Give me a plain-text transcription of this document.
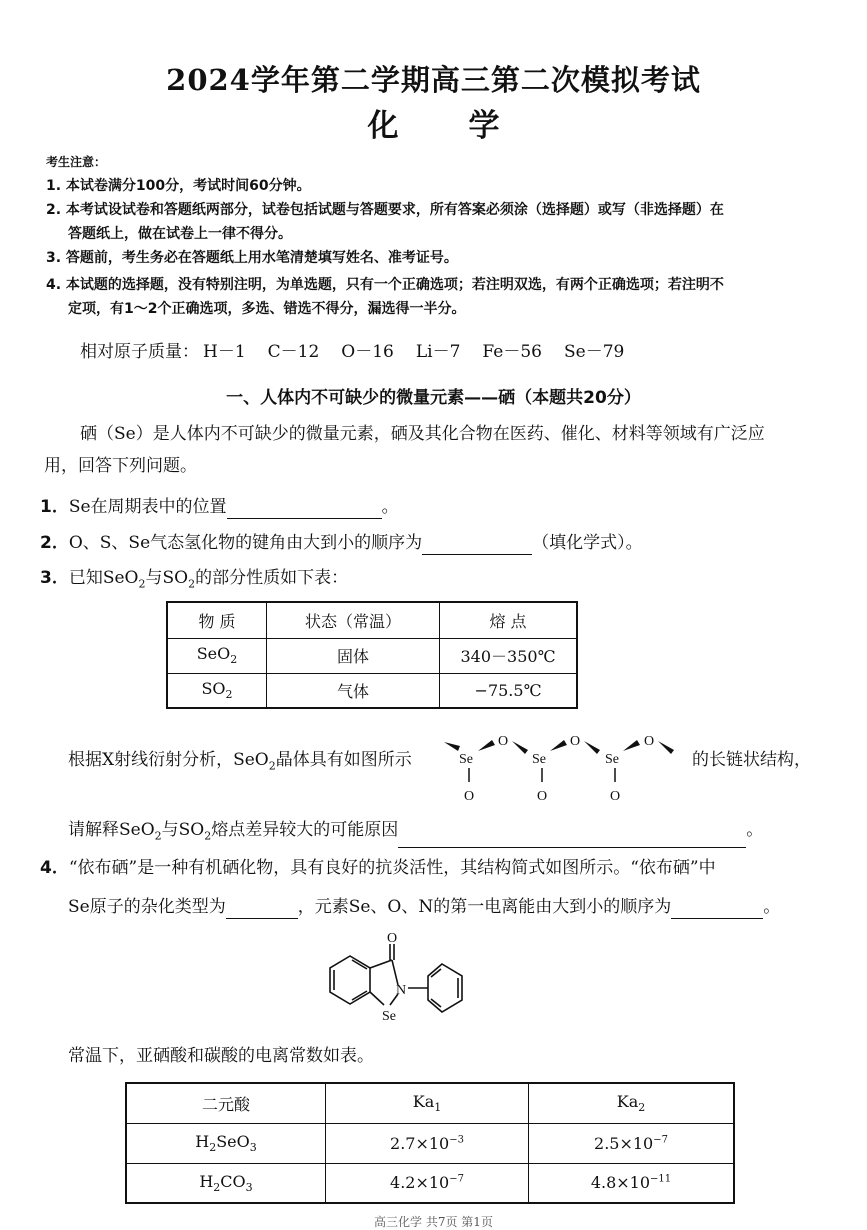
2024学年第二学期高三第二次模拟考试
化 学
考生注意：
1. 本试卷满分100分，考试时间60分钟。
2. 本考试设试卷和答题纸两部分，试卷包括试题与答题要求，所有答案必须涂（选择题）或写（非选择题）在
答题纸上，做在试卷上一律不得分。
3. 答题前，考生务必在答题纸上用水笔清楚填写姓名、准考证号。
4. 本试题的选择题，没有特别注明，为单选题，只有一个正确选项；若注明双选，有两个正确选项；若注明不
定项，有1～2个正确选项，多选、错选不得分，漏选得一半分。
相对原子质量： H－1 C－12 O－16 Li－7 Fe－56 Se－79
一、人体内不可缺少的微量元素——硒（本题共20分）
硒（Se）是人体内不可缺少的微量元素，硒及其化合物在医药、催化、材料等领域有广泛应
用，回答下列问题。
1．Se在周期表中的位置	。
2．O、S、Se气态氢化物的键角由大到小的顺序为	（填化学式）。
3．已知SeO$_2$与$SO_2$的部分性质如下表：
物 质	状态（常温）	熔 点
SeO$_2$	固体	340－350℃
$SO_2$	气体	−75.5℃
根据X射线衍射分析，SeO$_2$晶体具有如图所示	Se
O
Se
O
Se
O
O	O	O
的长链状结构，
请解释SeO$_2$与$SO_2$熔点差异较大的可能原因	。
4．“依布硒”是一种有机硒化物，具有良好的抗炎活性，其结构简式如图所示。“依布硒”中
Se原子的杂化类型为	，元素Se、O、N的第一电离能由大到小的顺序为	。
O
N
Se
常温下，亚硒酸和碳酸的电离常数如表。
二元酸	$Ka_1$	$Ka_2$
$H_2SeO_3$	$2.7\times 10^{-3}$	$2.5\times 10^{-7}$
$H_2CO_3$	$4.2\times 10^{-7}$	$4.8\times 10^{-11}$
高三化学 共7页 第1页
